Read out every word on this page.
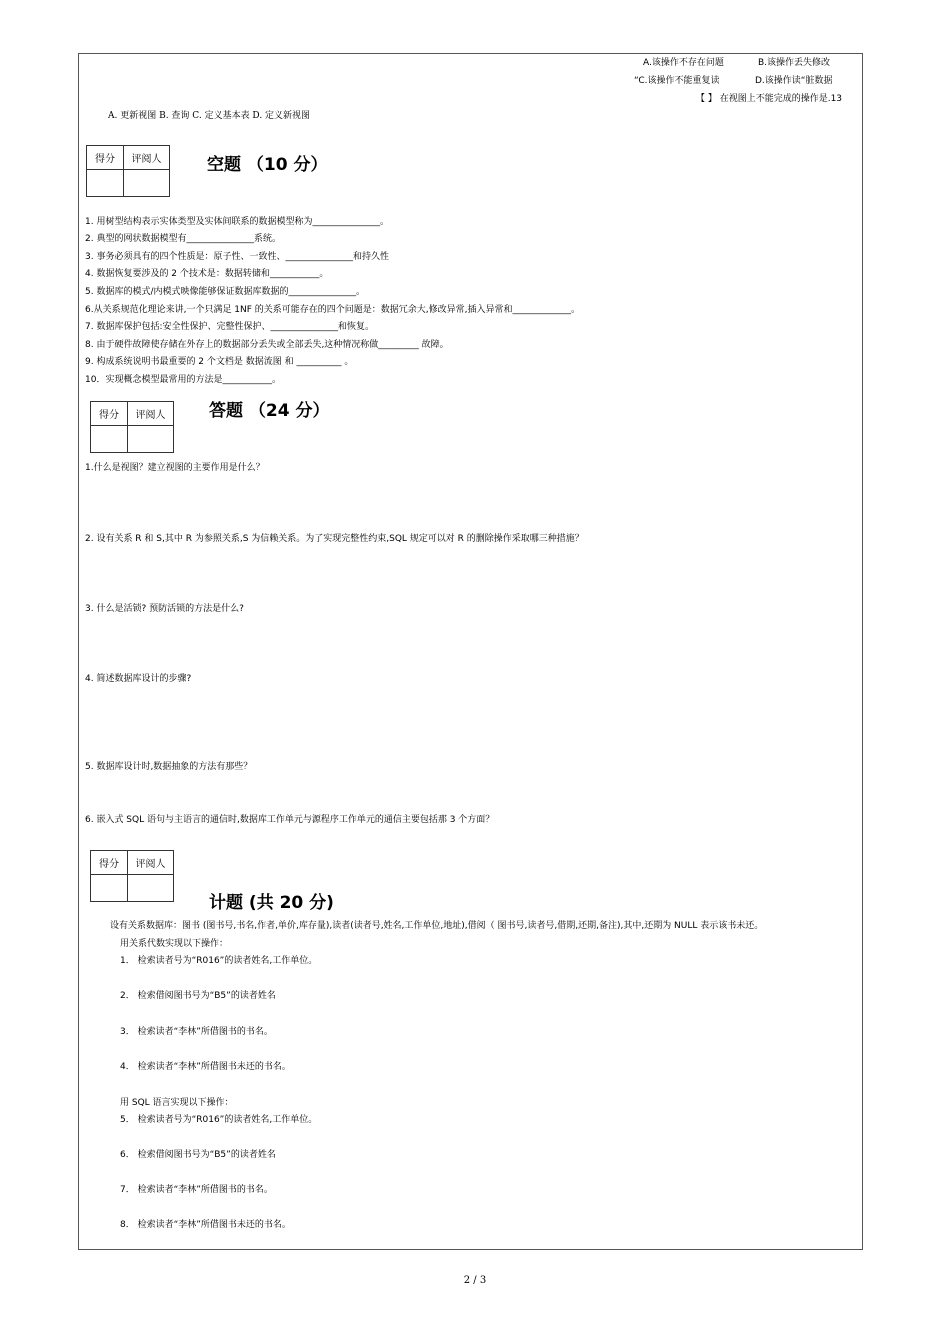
A.该操作不存在问题	B.该操作丢失修改
“C.该操作不能重复读	D.该操作读“脏数据
【 】 在视图上不能完成的操作是.13
A. 更新视图 B. 查询 C. 定义基本表 D. 定义新视图
得分	评阅人
		空题 （10 分）
1. 用树型结构表示实体类型及实体间联系的数据模型称为_______________。
2. 典型的网状数据模型有_______________系统。
3. 事务必须具有的四个性质是：原子性、一致性、_______________和持久性
4. 数据恢复要涉及的 2 个技术是：数据转储和___________。
5. 数据库的模式/内模式映像能够保证数据库数据的_______________。
6.从关系规范化理论来讲,一个只满足 1NF 的关系可能存在的四个问题是：数据冗余大,修改异常,插入异常和_____________。
7. 数据库保护包括:安全性保护、完整性保护、_______________和恢复。
8. 由于硬件故障使存储在外存上的数据部分丢失或全部丢失,这种情况称做_________ 故障。
9. 构成系统说明书最重要的 2 个文档是 数据流图 和 __________ 。
10．实现概念模型最常用的方法是___________。
得分	评阅人
		答题 （24 分）
1.什么是视图？建立视图的主要作用是什么？
2. 设有关系 R 和 S,其中 R 为参照关系,S 为信赖关系。为了实现完整性约束,SQL 规定可以对 R 的删除操作采取哪三种措施？
3. 什么是活锁? 预防活锁的方法是什么?
4. 简述数据库设计的步骤?
5. 数据库设计时,数据抽象的方法有那些？
6. 嵌入式 SQL 语句与主语言的通信时,数据库工作单元与源程序工作单元的通信主要包括那 3 个方面？
得分	评阅人

计题 (共 20 分)
设有关系数据库：图书 (图书号,书名,作者,单价,库存量),读者(读者号,姓名,工作单位,地址),借阅（ 图书号,读者号,借期,还期,备注),其中,还期为 NULL 表示该书未还。
用关系代数实现以下操作：
1． 检索读者号为“R016”的读者姓名,工作单位。
2． 检索借阅图书号为“B5”的读者姓名
3． 检索读者“李林”所借图书的书名。
4． 检索读者“李林”所借图书未还的书名。
用 SQL 语言实现以下操作：
5． 检索读者号为“R016”的读者姓名,工作单位。
6． 检索借阅图书号为“B5”的读者姓名
7． 检索读者“李林”所借图书的书名。
8． 检索读者“李林”所借图书未还的书名。
2 / 3
